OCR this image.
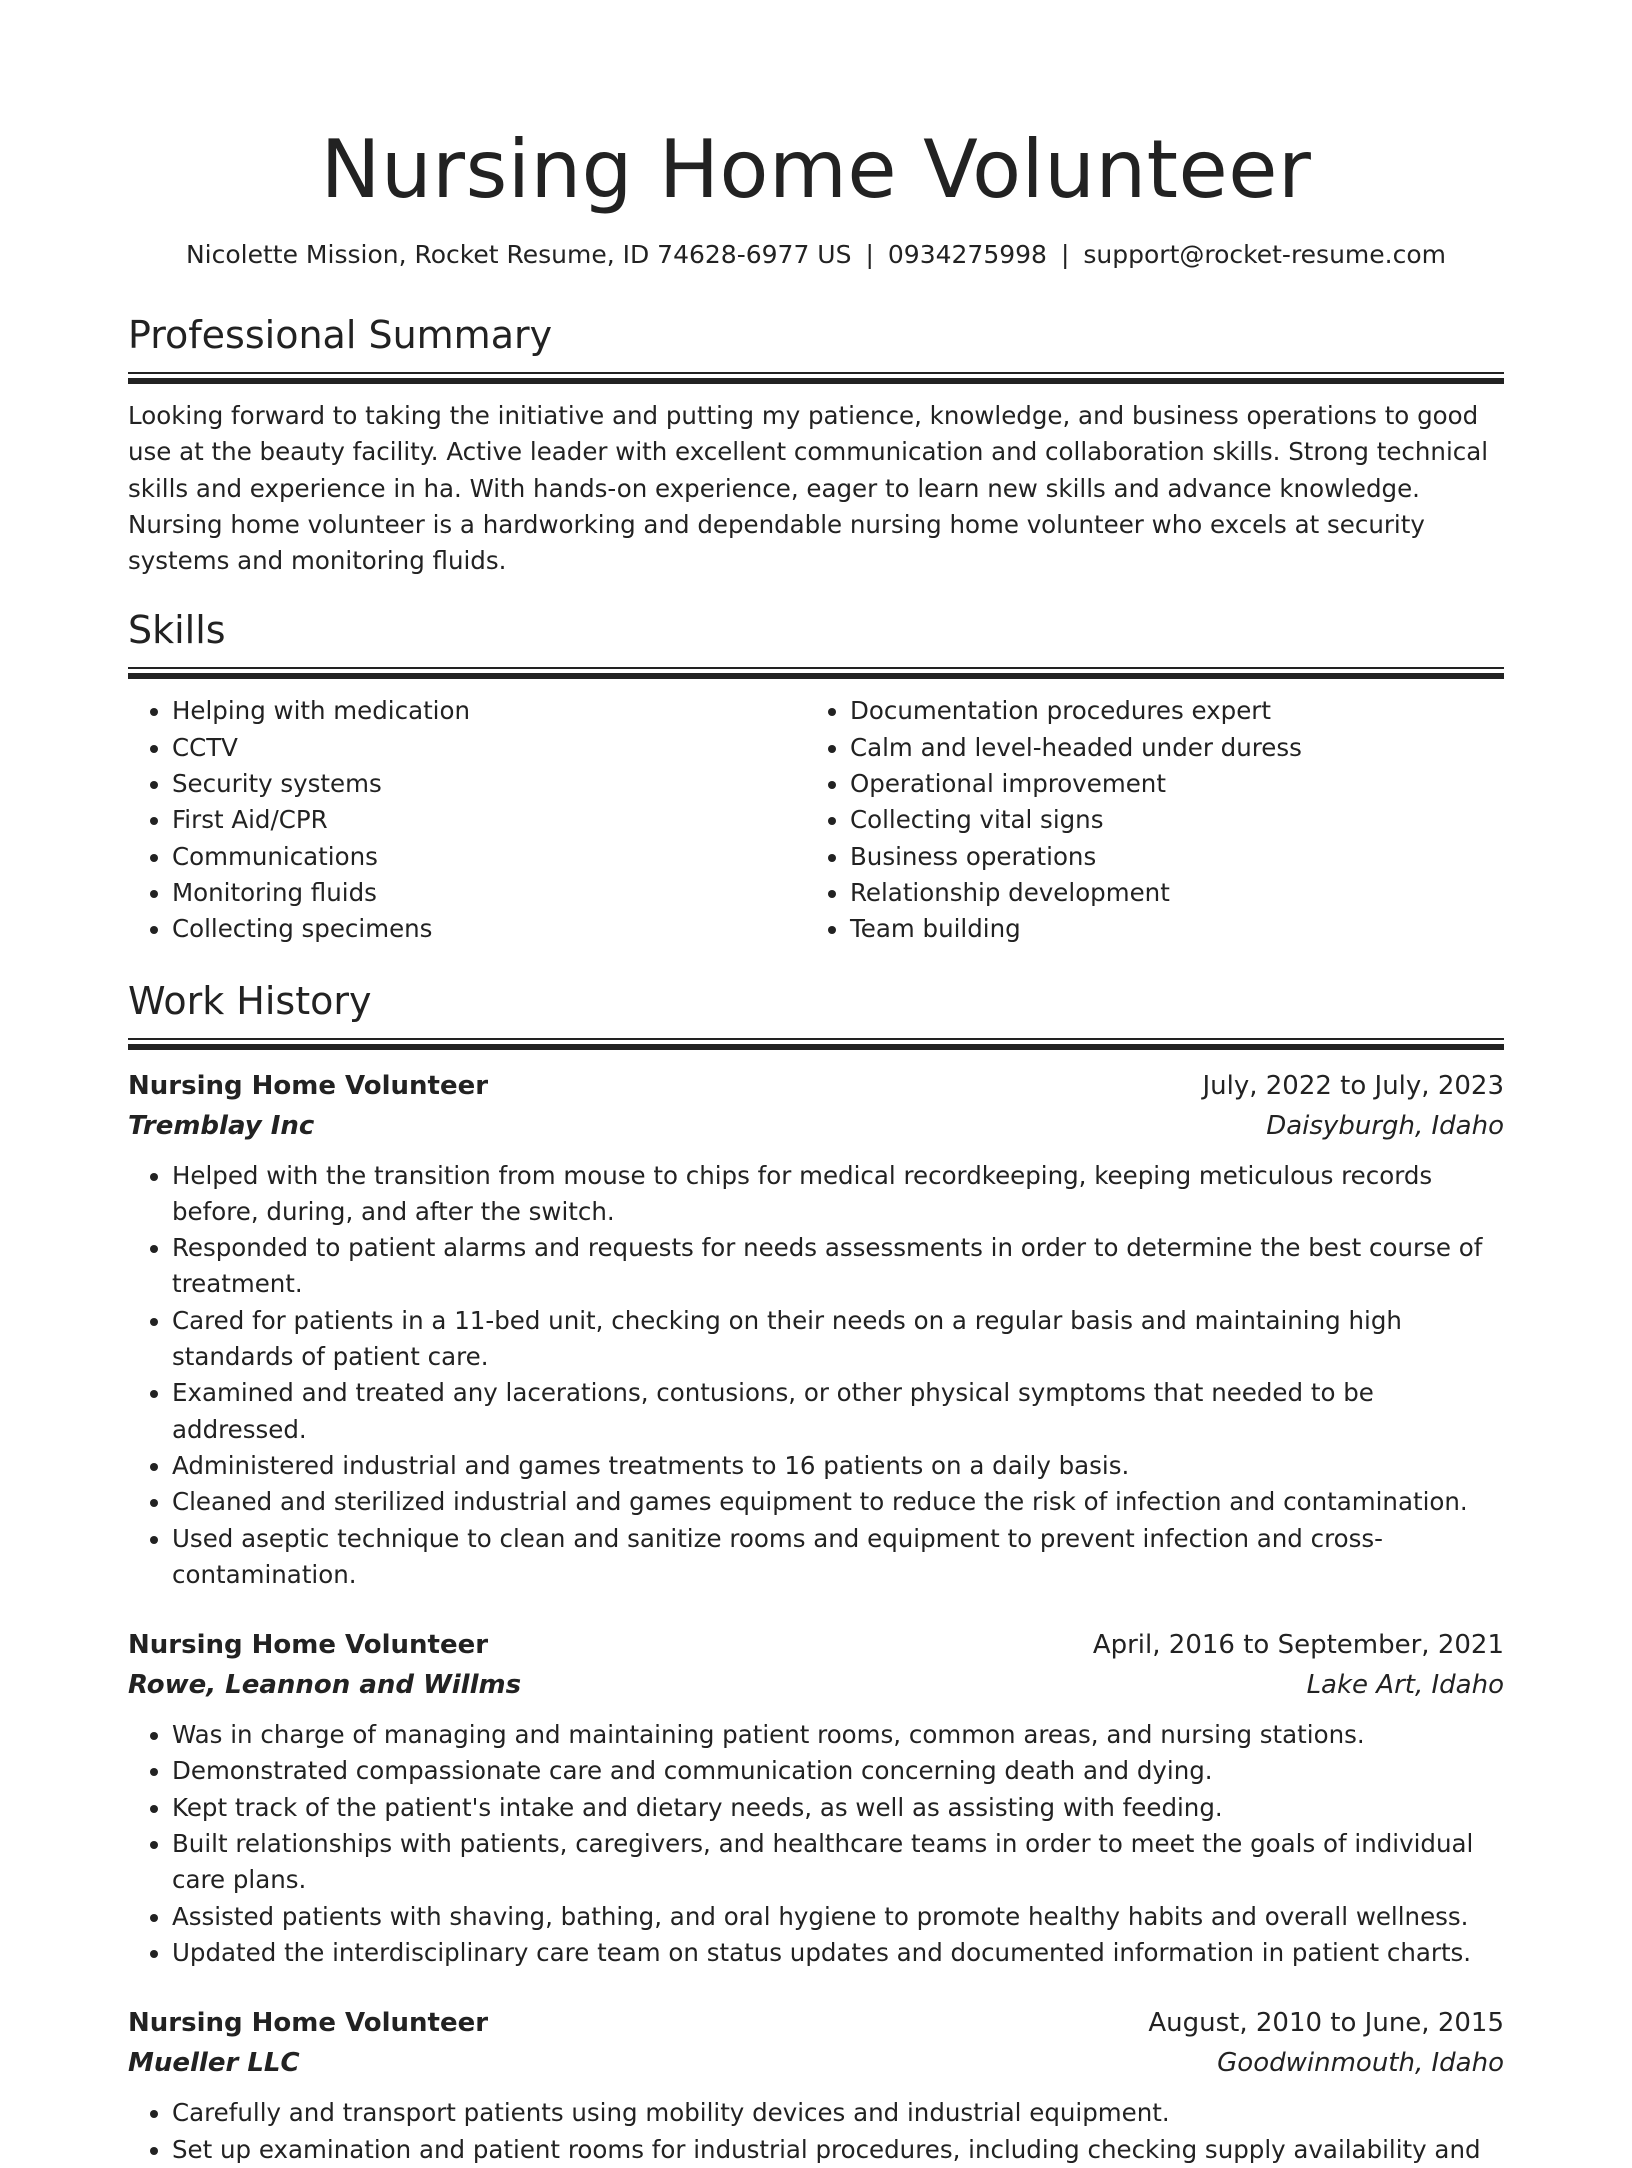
Nursing Home Volunteer
Nicolette Mission, Rocket Resume, ID 74628-6977 US | 0934275998 | support@rocket-resume.com
Professional Summary

Looking forward to taking the initiative and putting my patience, knowledge, and business operations to good use at the beauty facility. Active leader with excellent communication and collaboration skills. Strong technical skills and experience in ha. With hands-on experience, eager to learn new skills and advance knowledge. Nursing home volunteer is a hardworking and dependable nursing home volunteer who excels at security systems and monitoring fluids.

Skills
• Helping with medication
• CCTV
• Security systems
• First Aid/CPR
• Communications
• Monitoring fluids
• Collecting specimens
• Documentation procedures expert
• Calm and level-headed under duress
• Operational improvement
• Collecting vital signs
• Business operations
• Relationship development
• Team building
Work History
Nursing Home Volunteer	July, 2022 to July, 2023
Tremblay Inc	Daisyburgh, Idaho
• Helped with the transition from mouse to chips for medical recordkeeping, keeping meticulous records before, during, and after the switch.
• Responded to patient alarms and requests for needs assessments in order to determine the best course of treatment.
• Cared for patients in a 11-bed unit, checking on their needs on a regular basis and maintaining high standards of patient care.
• Examined and treated any lacerations, contusions, or other physical symptoms that needed to be addressed.
• Administered industrial and games treatments to 16 patients on a daily basis.
• Cleaned and sterilized industrial and games equipment to reduce the risk of infection and contamination.
• Used aseptic technique to clean and sanitize rooms and equipment to prevent infection and cross-contamination.
Nursing Home Volunteer	April, 2016 to September, 2021
Rowe, Leannon and Willms	Lake Art, Idaho
• Was in charge of managing and maintaining patient rooms, common areas, and nursing stations.
• Demonstrated compassionate care and communication concerning death and dying.
• Kept track of the patient's intake and dietary needs, as well as assisting with feeding.
• Built relationships with patients, caregivers, and healthcare teams in order to meet the goals of individual care plans.
• Assisted patients with shaving, bathing, and oral hygiene to promote healthy habits and overall wellness.
• Updated the interdisciplinary care team on status updates and documented information in patient charts.
Nursing Home Volunteer	August, 2010 to June, 2015
Mueller LLC	Goodwinmouth, Idaho
• Carefully and transport patients using mobility devices and industrial equipment.
• Set up examination and patient rooms for industrial procedures, including checking supply availability and
